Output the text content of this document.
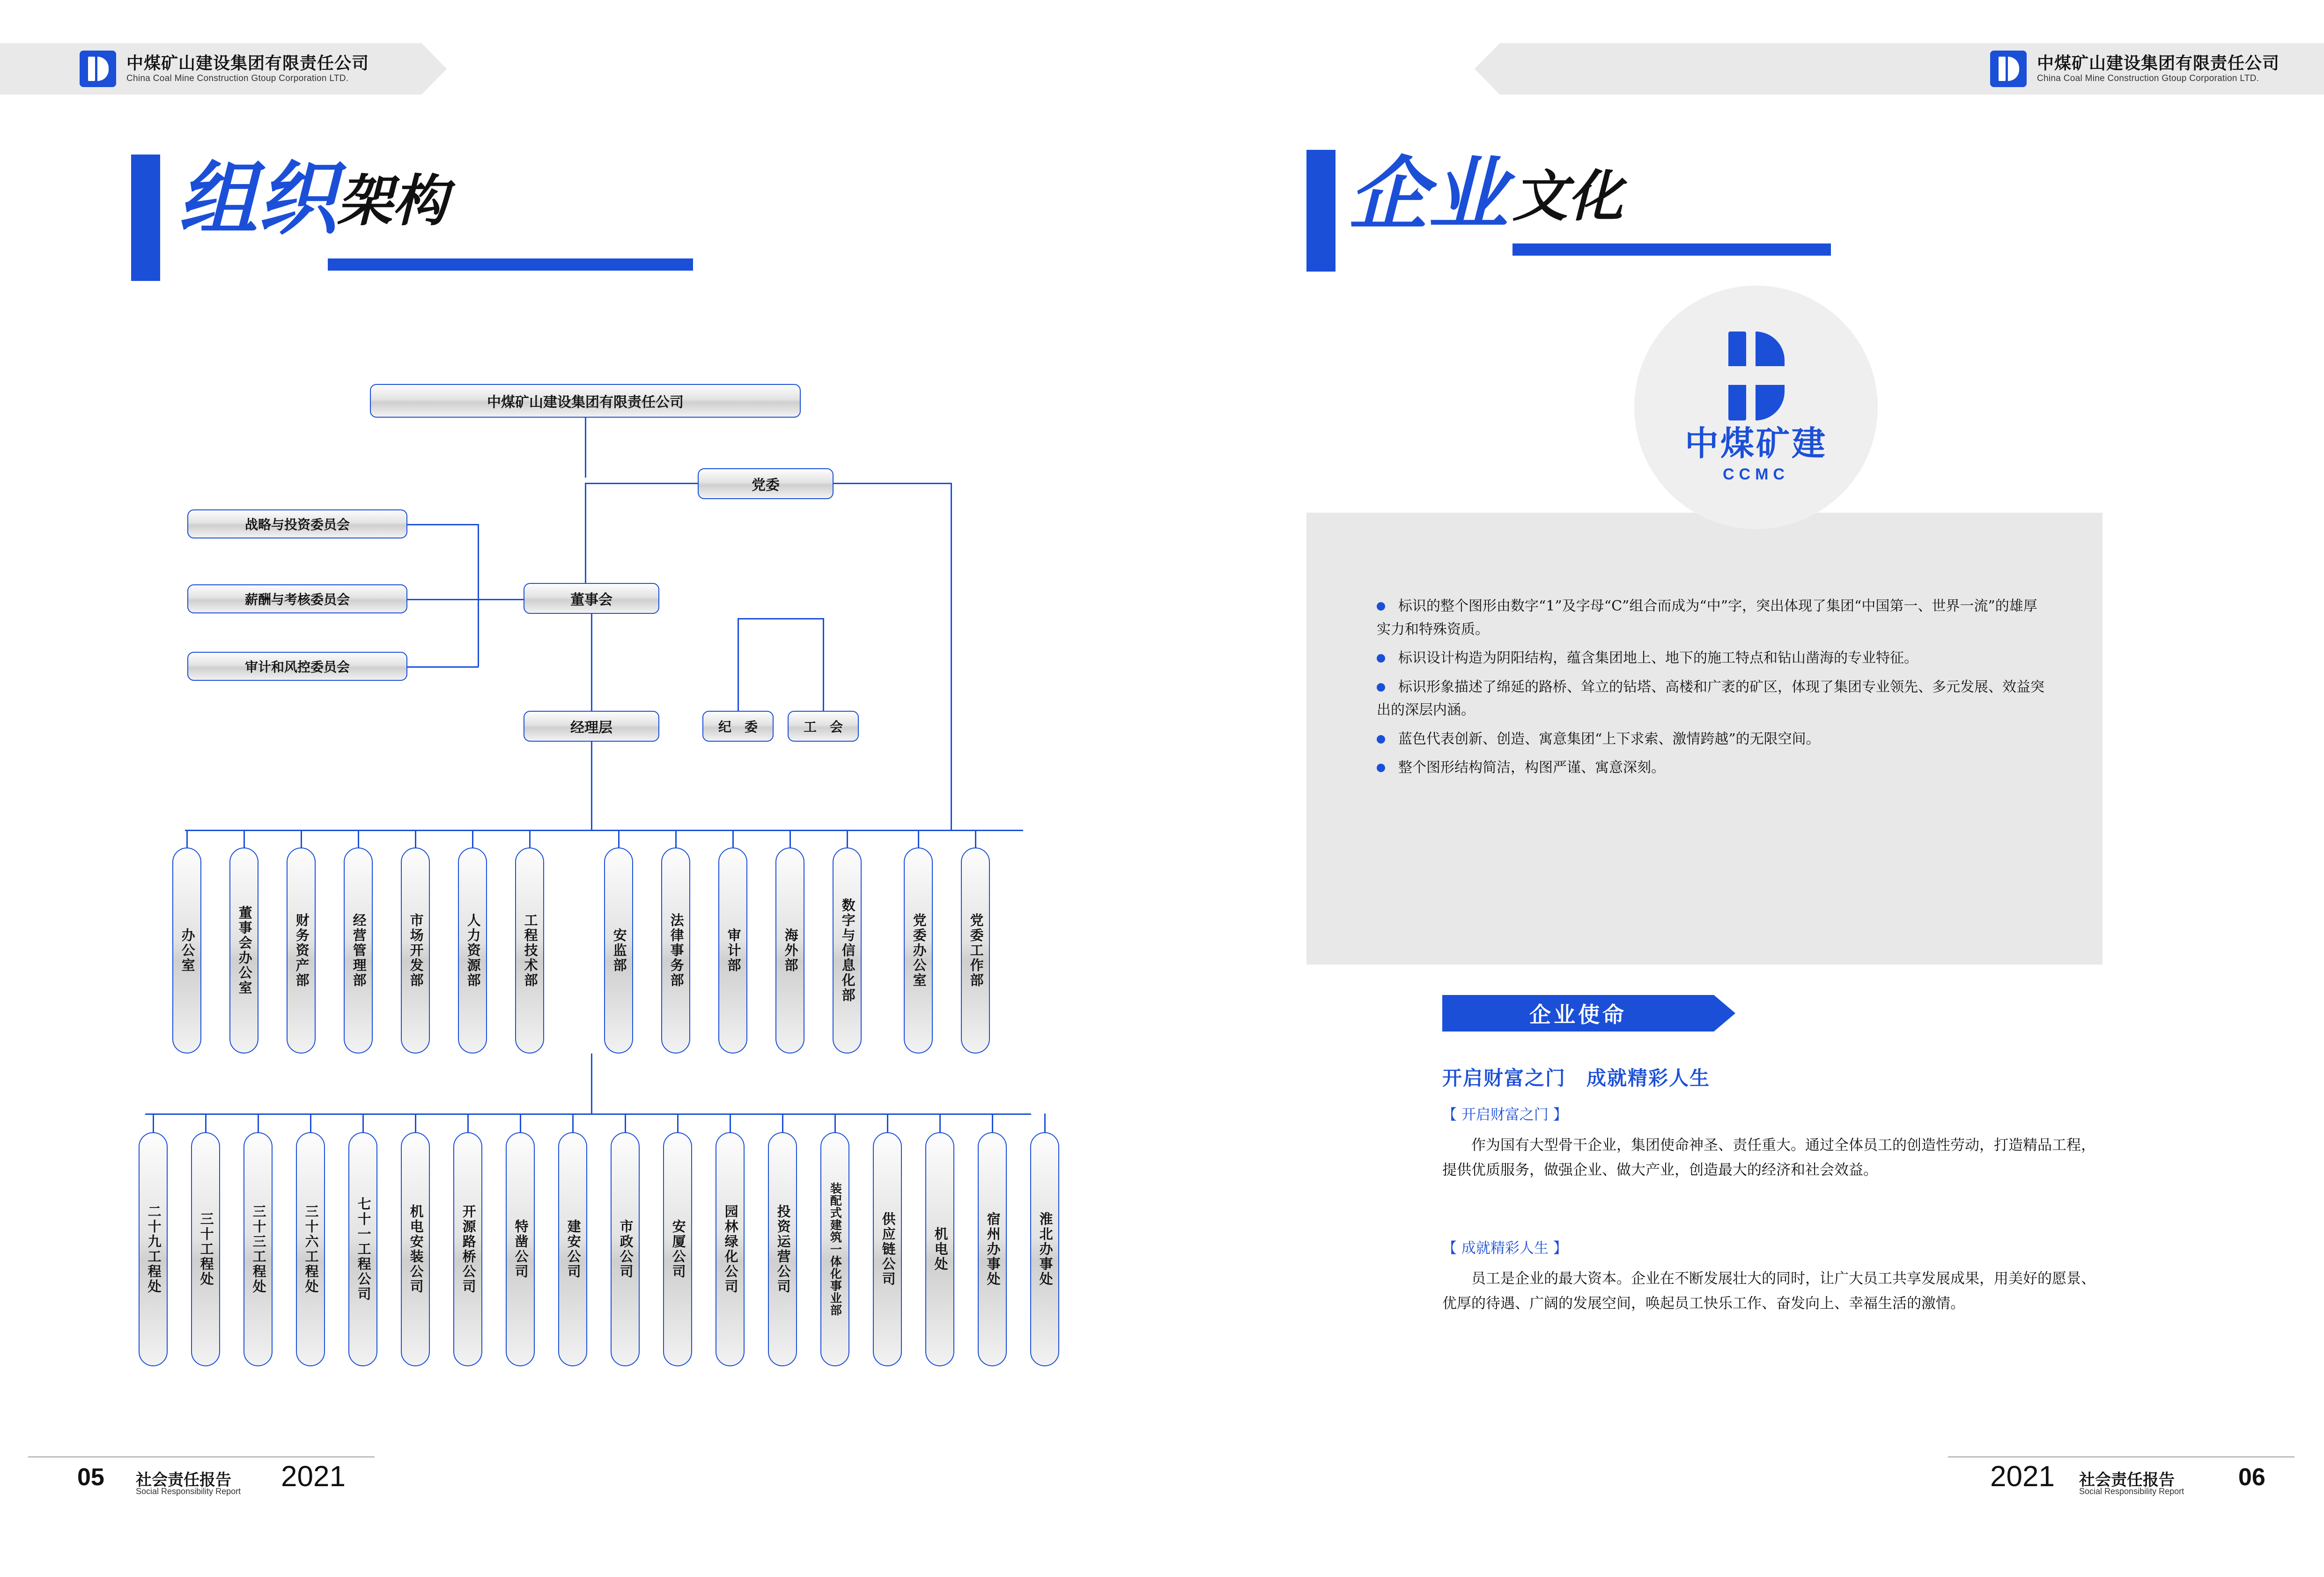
中煤矿山建设集团有限责任公司
China Coal Mine Construction Gtoup Corporation LTD.
中煤矿山建设集团有限责任公司
China Coal Mine Construction Gtoup Corporation LTD.
组织 架构
中煤矿山建设集团有限责任公司
党委
董事会
战略与投资委员会
薪酬与考核委员会
审计和风控委员会
经理层	纪　委	工　会
办公室	董事会办公室	财务资产部	经营管理部	市场开发部	人力资源部	工程技术部	安监部	法律事务部	审计部	海外部	数字与信息化部	党委办公室	党委工作部
二十九工程处	三十工程处	三十三工程处	三十六工程处	七十一工程公司	机电安装公司	开源路桥公司	特凿公司	建安公司	市政公司	安厦公司	园林绿化公司	投资运营公司	装配式建筑一体化事业部	供应链公司	机电处	宿州办事处	淮北办事处
企业 文化
中煤矿建
CCMC
标识的整个图形由数字“1”及字母“C”组合而成为“中”字，突出体现了集团“中国第一、世界一流”的雄厚实力和特殊资质。
标识设计构造为阴阳结构，蕴含集团地上、地下的施工特点和钻山凿海的专业特征。
标识形象描述了绵延的路桥、耸立的钻塔、高楼和广袤的矿区，体现了集团专业领先、多元发展、效益突出的深层内涵。
蓝色代表创新、创造、寓意集团“上下求索、激情跨越”的无限空间。
整个图形结构简洁，构图严谨、寓意深刻。
企业使命
开启财富之门　成就精彩人生
【 开启财富之门 】
作为国有大型骨干企业，集团使命神圣、责任重大。通过全体员工的创造性劳动，打造精品工程，提供优质服务，做强企业、做大产业，创造最大的经济和社会效益。
【 成就精彩人生 】
员工是企业的最大资本。企业在不断发展壮大的同时，让广大员工共享发展成果，用美好的愿景、优厚的待遇、广阔的发展空间，唤起员工快乐工作、奋发向上、幸福生活的激情。
05 社会责任报告
Social Responsibility Report 2021	2021 社会责任报告
Social Responsibility Report
06
